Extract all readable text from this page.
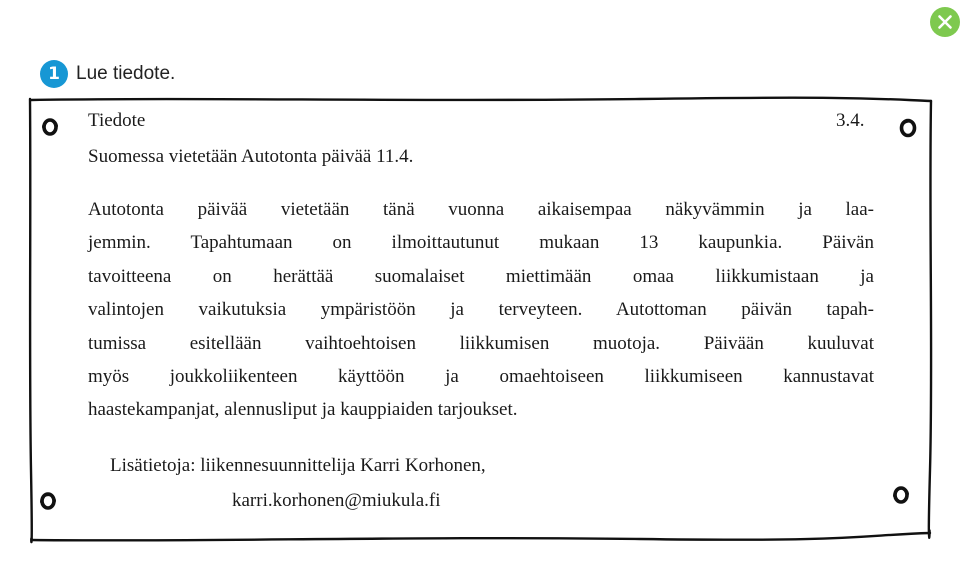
1 Lue tiedote.
Tiedote	3.4.
Suomessa vietetään Autotonta päivää 11.4.
Autotonta päivää vietetään tänä vuonna aikaisempaa näkyvämmin ja laa-
jemmin. Tapahtumaan on ilmoittautunut mukaan 13 kaupunkia. Päivän
tavoitteena on herättää suomalaiset miettimään omaa liikkumistaan ja
valintojen vaikutuksia ympäristöön ja terveyteen. Autottoman päivän tapah-
tumissa esitellään vaihtoehtoisen liikkumisen muotoja. Päivään kuuluvat
myös joukkoliikenteen käyttöön ja omaehtoiseen liikkumiseen kannustavat
haastekampanjat, alennusliput ja kauppiaiden tarjoukset.
Lisätietoja: liikennesuunnittelija Karri Korhonen,
karri.korhonen@miukula.fi
